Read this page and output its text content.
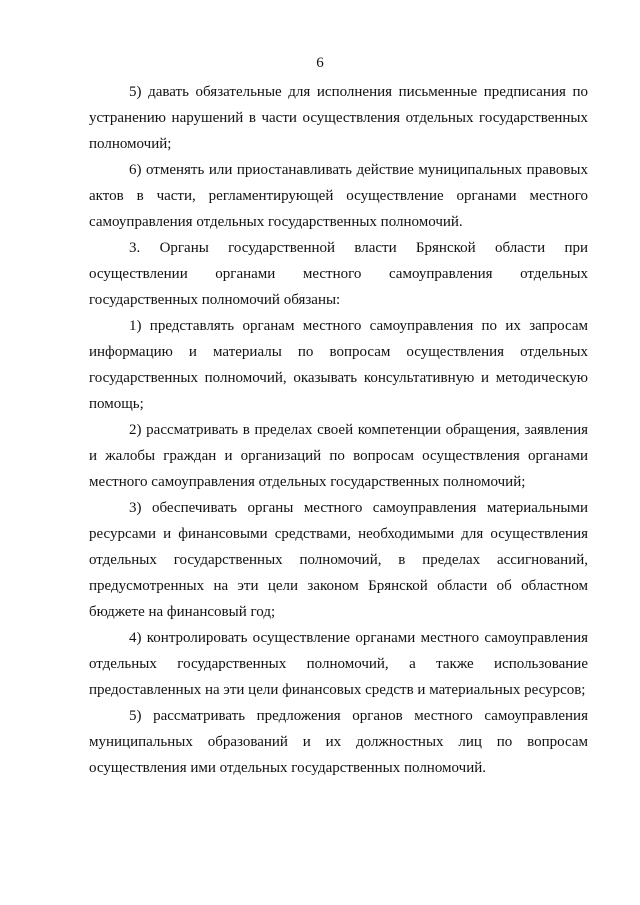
6

5) давать обязательные для исполнения письменные предписания по устранению нарушений в части осуществления отдельных государственных полномочий;

6) отменять или приостанавливать действие муниципальных правовых актов в части, регламентирующей осуществление органами местного самоуправления отдельных государственных полномочий.

3. Органы государственной власти Брянской области при осуществлении органами местного самоуправления отдельных государственных полномочий обязаны:

1) представлять органам местного самоуправления по их запросам информацию и материалы по вопросам осуществления отдельных государственных полномочий, оказывать консультативную и методическую помощь;

2) рассматривать в пределах своей компетенции обращения, заявления и жалобы граждан и организаций по вопросам осуществления органами местного самоуправления отдельных государственных полномочий;

3) обеспечивать органы местного самоуправления материальными ресурсами и финансовыми средствами, необходимыми для осуществления отдельных государственных полномочий, в пределах ассигнований, предусмотренных на эти цели законом Брянской области об областном бюджете на финансовый год;

4) контролировать осуществление органами местного самоуправления отдельных государственных полномочий, а также использование предоставленных на эти цели финансовых средств и материальных ресурсов;

5) рассматривать предложения органов местного самоуправления муниципальных образований и их должностных лиц по вопросам осуществления ими отдельных государственных полномочий.
